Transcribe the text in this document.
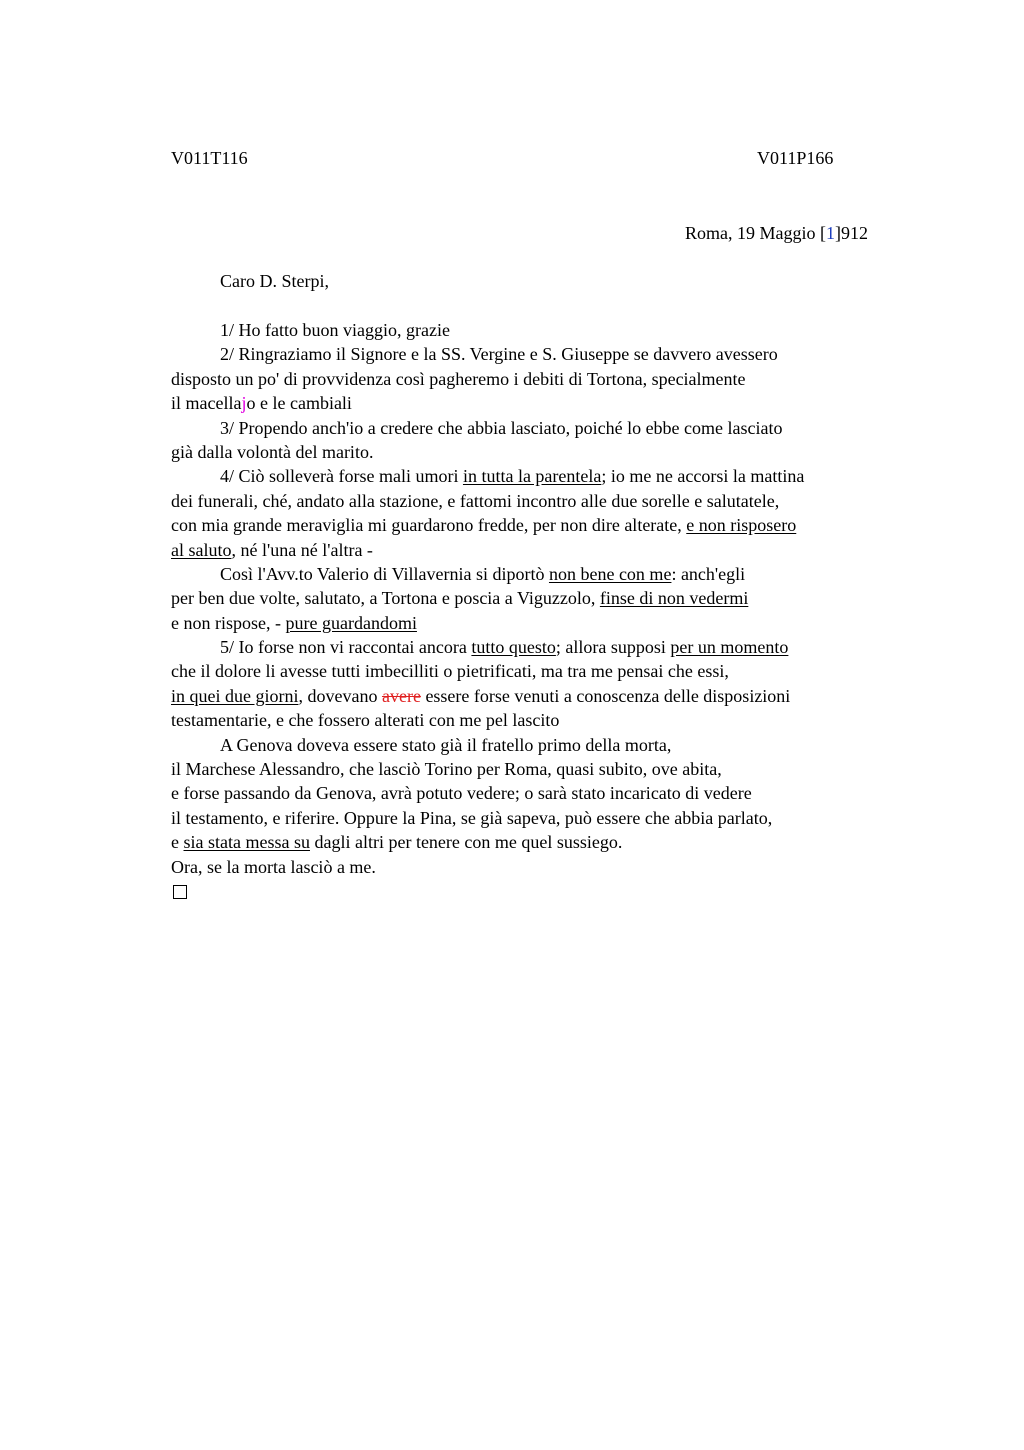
V011T116	V011P166
Roma, 19 Maggio [1]912
Caro D. Sterpi,
1/ Ho fatto buon viaggio, grazie
2/ Ringraziamo il Signore e la SS. Vergine e S. Giuseppe se davvero avessero
disposto un po' di provvidenza così pagheremo i debiti di Tortona, specialmente
il macellajo e le cambiali
3/ Propendo anch'io a credere che abbia lasciato, poiché lo ebbe come lasciato
già dalla volontà del marito.
4/ Ciò solleverà forse mali umori in tutta la parentela; io me ne accorsi la mattina
dei funerali, ché, andato alla stazione, e fattomi incontro alle due sorelle e salutatele,
con mia grande meraviglia mi guardarono fredde, per non dire alterate, e non risposero
al saluto, né l'una né l'altra -
Così l'Avv.to Valerio di Villavernia si diportò non bene con me: anch'egli
per ben due volte, salutato, a Tortona e poscia a Viguzzolo, finse di non vedermi
e non rispose, - pure guardandomi
5/ Io forse non vi raccontai ancora tutto questo; allora supposi per un momento
che il dolore li avesse tutti imbecilliti o pietrificati, ma tra me pensai che essi,
in quei due giorni, dovevano avere essere forse venuti a conoscenza delle disposizioni
testamentarie, e che fossero alterati con me pel lascito
A Genova doveva essere stato già il fratello primo della morta,
il Marchese Alessandro, che lasciò Torino per Roma, quasi subito, ove abita,
e forse passando da Genova, avrà potuto vedere; o sarà stato incaricato di vedere
il testamento, e riferire. Oppure la Pina, se già sapeva, può essere che abbia parlato,
e sia stata messa su dagli altri per tenere con me quel sussiego.
Ora, se la morta lasciò a me.
